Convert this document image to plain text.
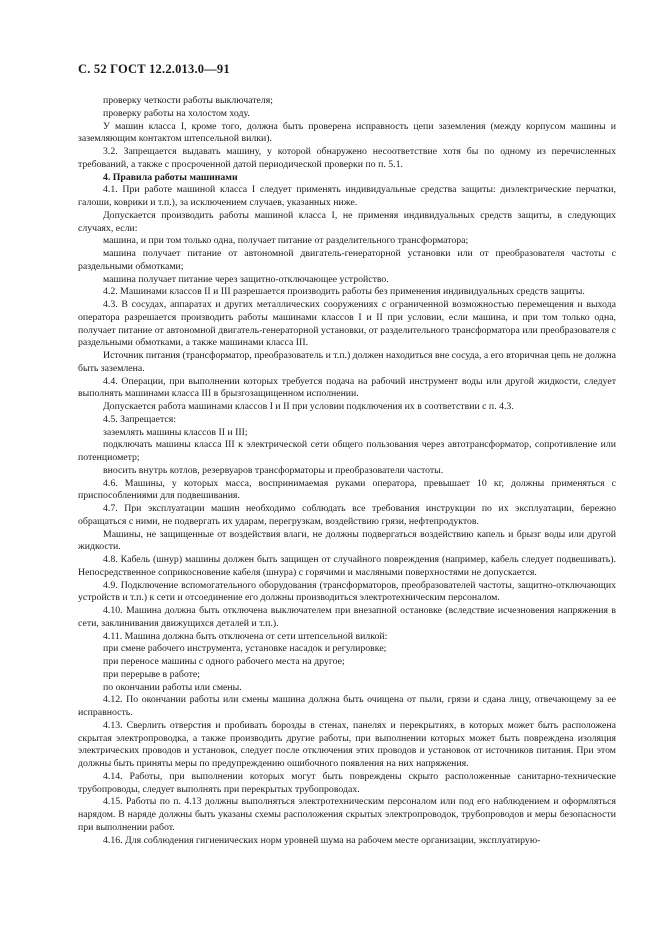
С. 52 ГОСТ 12.2.013.0—91

проверку четкости работы выключателя;

проверку работы на холостом ходу.

У машин класса I, кроме того, должна быть проверена исправность цепи заземления (между корпусом машины и заземляющим контактом штепсельной вилки).

3.2. Запрещается выдавать машину, у которой обнаружено несоответствие хотя бы по одному из перечисленных требований, а также с просроченной датой периодической проверки по п. 5.1.

4. Правила работы машинами

4.1. При работе машиной класса I следует применять индивидуальные средства защиты: диэлектрические перчатки, галоши, коврики и т.п.), за исключением случаев, указанных ниже.

Допускается производить работы машиной класса I, не применяя индивидуальных средств защиты, в следующих случаях, если:

машина, и при том только одна, получает питание от разделительного трансформатора;

машина получает питание от автономной двигатель-генераторной установки или от преобразователя частоты с раздельными обмотками;

машина получает питание через защитно-отключающее устройство.

4.2. Машинами классов II и III разрешается производить работы без применения индивидуальных средств защиты.

4.3. В сосудах, аппаратах и других металлических сооружениях с ограниченной возможностью перемещения и выхода оператора разрешается производить работы машинами классов I и II при условии, если машина, и при том только одна, получает питание от автономной двигатель-генераторной установки, от разделительного трансформатора или преобразователя с раздельными обмотками, а также машинами класса III.

Источник питания (трансформатор, преобразователь и т.п.) должен находиться вне сосуда, а его вторичная цепь не должна быть заземлена.

4.4. Операции, при выполнении которых требуется подача на рабочий инструмент воды или другой жидкости, следует выполнять машинами класса III в брызгозащищенном исполнении.

Допускается работа машинами классов I и II при условии подключения их в соответствии с п. 4.3.

4.5. Запрещается:

заземлять машины классов II и III;

подключать машины класса III к электрической сети общего пользования через автотрансформатор, сопротивление или потенциометр;

вносить внутрь котлов, резервуаров трансформаторы и преобразователи частоты.

4.6. Машины, у которых масса, воспринимаемая руками оператора, превышает 10 кг, должны применяться с приспособлениями для подвешивания.

4.7. При эксплуатации машин необходимо соблюдать все требования инструкции по их эксплуатации, бережно обращаться с ними, не подвергать их ударам, перегрузкам, воздействию грязи, нефтепродуктов.

Машины, не защищенные от воздействия влаги, не должны подвергаться воздействию капель и брызг воды или другой жидкости.

4.8. Кабель (шнур) машины должен быть защищен от случайного повреждения (например, кабель следует подвешивать). Непосредственное соприкосновение кабеля (шнура) с горячими и масляными поверхностями не допускается.

4.9. Подключение вспомогательного оборудования (трансформаторов, преобразователей частоты, защитно-отключающих устройств и т.п.) к сети и отсоединение его должны производиться электротехническим персоналом.

4.10. Машина должна быть отключена выключателем при внезапной остановке (вследствие исчезновения напряжения в сети, заклинивания движущихся деталей и т.п.).

4.11. Машина должна быть отключена от сети штепсельной вилкой:

при смене рабочего инструмента, установке насадок и регулировке;

при переносе машины с одного рабочего места на другое;

при перерыве в работе;

по окончании работы или смены.

4.12. По окончании работы или смены машина должна быть очищена от пыли, грязи и сдана лицу, отвечающему за ее исправность.

4.13. Сверлить отверстия и пробивать борозды в стенах, панелях и перекрытиях, в которых может быть расположена скрытая электропроводка, а также производить другие работы, при выполнении которых может быть повреждена изоляция электрических проводов и установок, следует после отключения этих проводов и установок от источников питания. При этом должны быть приняты меры по предупреждению ошибочного появления на них напряжения.

4.14. Работы, при выполнении которых могут быть повреждены скрыто расположенные санитарно-технические трубопроводы, следует выполнять при перекрытых трубопроводах.

4.15. Работы по п. 4.13 должны выполняться электротехническим персоналом или под его наблюдением и оформляться нарядом. В наряде должны быть указаны схемы расположения скрытых электропроводок, трубопроводов и меры безопасности при выполнении работ.

4.16. Для соблюдения гигиенических норм уровней шума на рабочем месте организации, эксплуатирую-
